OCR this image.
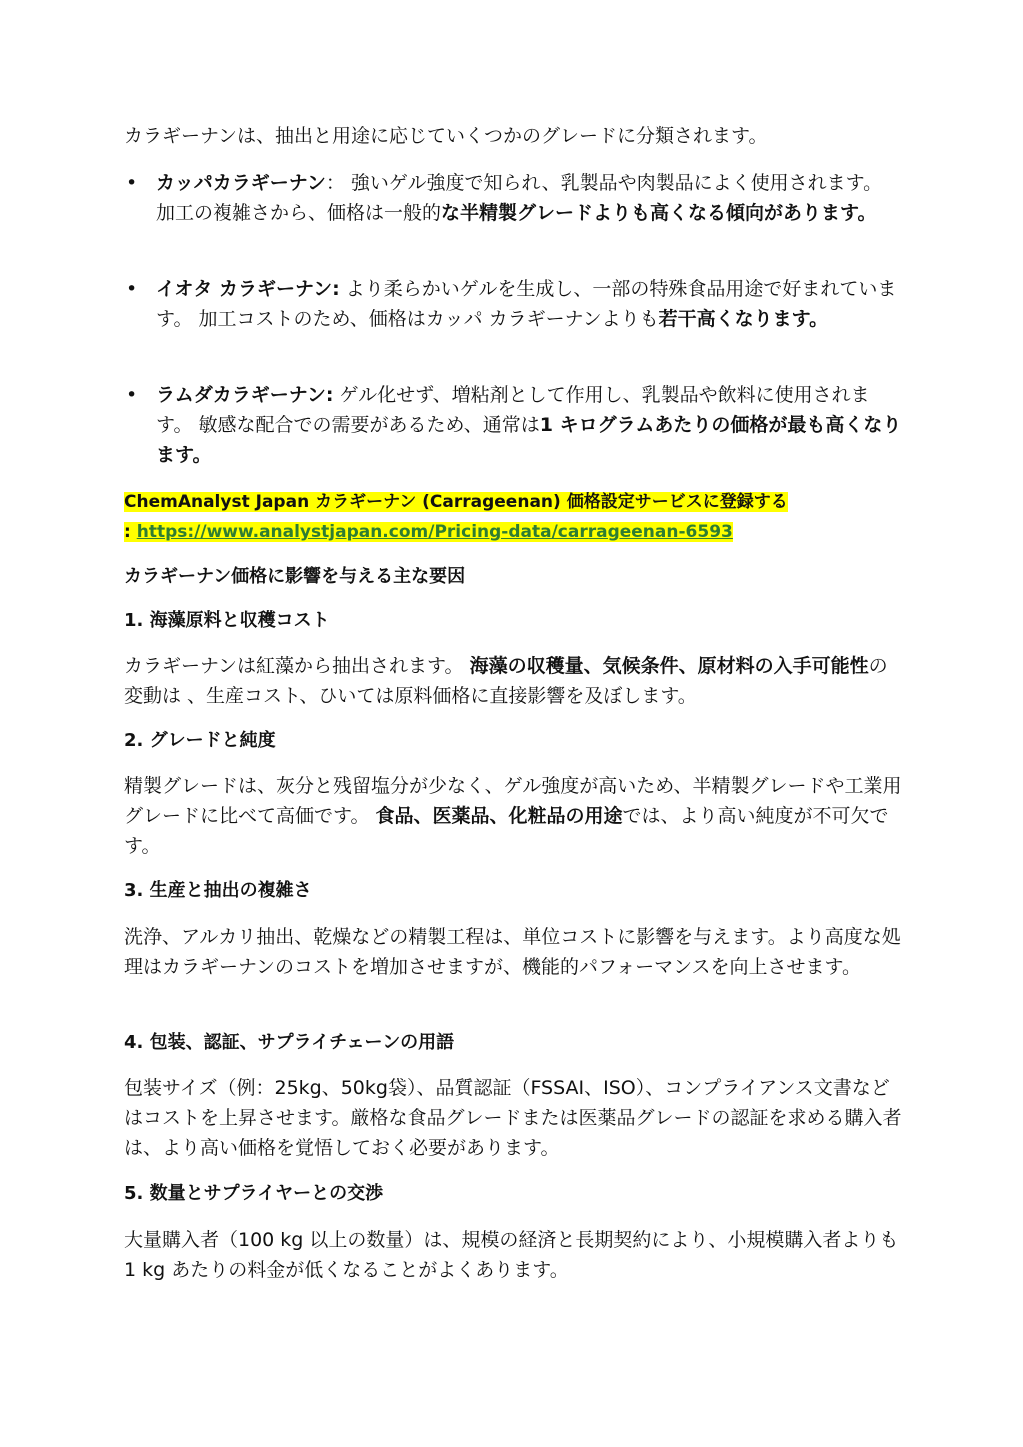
カラギーナンは、抽出と用途に応じていくつかのグレードに分類されます。

• カッパカラギーナン： 強いゲル強度で知られ、乳製品や肉製品によく使用されます。 加工の複雑さから、価格は一般的な半精製グレードよりも高くなる傾向があります。
• イオタ カラギーナン: より柔らかいゲルを生成し、一部の特殊食品用途で好まれています。 加工コストのため、価格はカッパ カラギーナンよりも若干高くなります。
• ラムダカラギーナン: ゲル化せず、増粘剤として作用し、乳製品や飲料に使用されます。 敏感な配合での需要があるため、通常は1 キログラムあたりの価格が最も高くなります。
ChemAnalyst Japan カラギーナン (Carrageenan) 価格設定サービスに登録する
: https://www.analystjapan.com/Pricing-data/carrageenan-6593
カラギーナン価格に影響を与える主な要因
1. 海藻原料と収穫コスト

カラギーナンは紅藻から抽出されます。 海藻の収穫量、気候条件、原材料の入手可能性の変動は 、生産コスト、ひいては原料価格に直接影響を及ぼします。

2. グレードと純度

精製グレードは、灰分と残留塩分が少なく、ゲル強度が高いため、半精製グレードや工業用グレードに比べて高価です。 食品、医薬品、化粧品の用途では、より高い純度が不可欠です。

3. 生産と抽出の複雑さ

洗浄、アルカリ抽出、乾燥などの精製工程は、単位コストに影響を与えます。より高度な処理はカラギーナンのコストを増加させますが、機能的パフォーマンスを向上させます。

4. 包装、認証、サプライチェーンの用語

包装サイズ（例：25kg、50kg袋）、品質認証（FSSAI、ISO）、コンプライアンス文書などはコストを上昇させます。厳格な食品グレードまたは医薬品グレードの認証を求める購入者は、より高い価格を覚悟しておく必要があります。

5. 数量とサプライヤーとの交渉

大量購入者（100 kg 以上の数量）は、規模の経済と長期契約により、小規模購入者よりも 1 kg あたりの料金が低くなることがよくあります。
